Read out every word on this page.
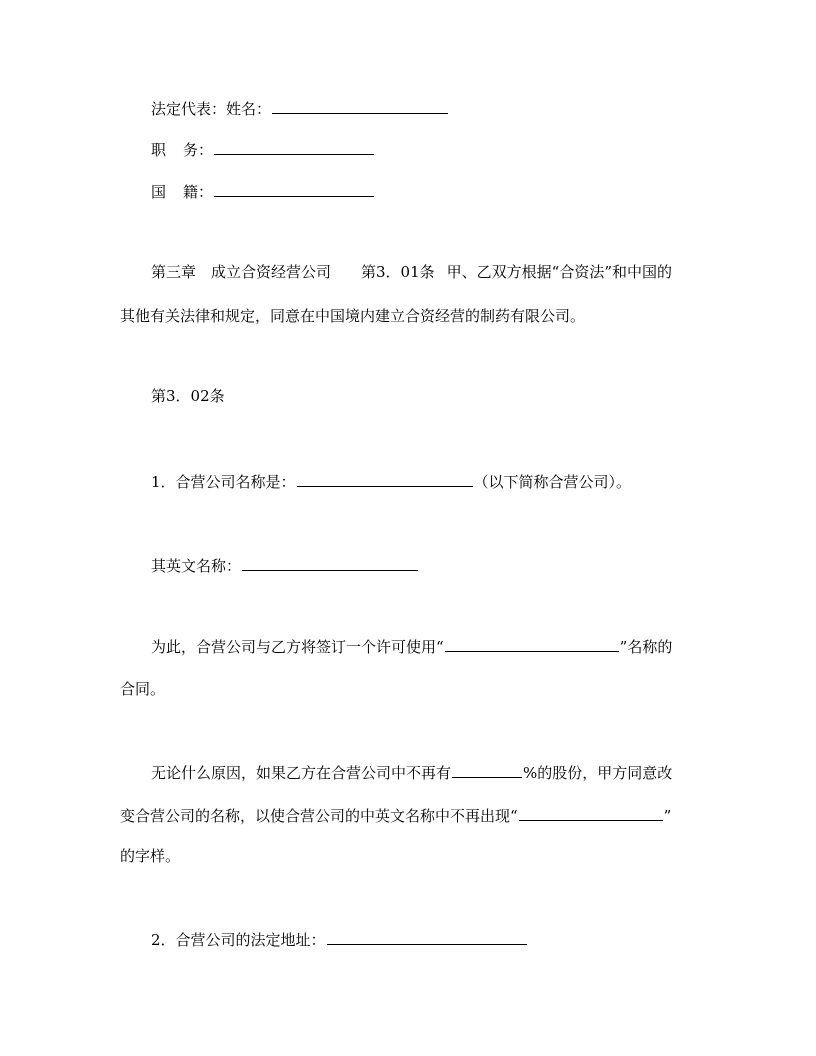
法定代表：姓名：
职 务：
国 籍：
第三章　成立合资经营公司 第3．01条 甲、乙双方根据“合资法”和中国的
其他有关法律和规定，同意在中国境内建立合资经营的制药有限公司。
第3．02条
1．合营公司名称是：	（以下简称合营公司）。
其英文名称：
为此，合营公司与乙方将签订一个许可使用“	”名称的
合同。
无论什么原因，如果乙方在合营公司中不再有	%的股份，甲方同意改
变合营公司的名称，以使合营公司的中英文名称中不再出现“	”
的字样。
2．合营公司的法定地址：
